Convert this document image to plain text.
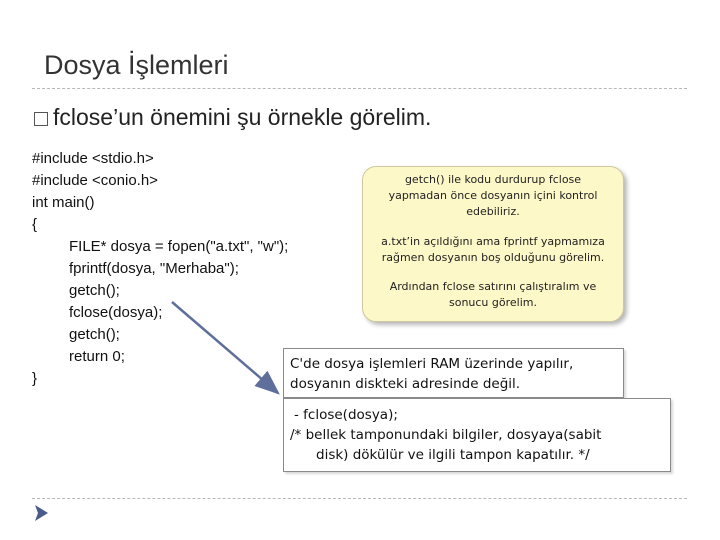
Dosya İşlemleri
fclose’un önemini şu örnekle görelim.
#include <stdio.h>
#include <conio.h>
int main()
{
FILE* dosya = fopen("a.txt", "w");
fprintf(dosya, "Merhaba");
getch();
fclose(dosya);
getch();
return 0;
}
getch() ile kodu durdurup fclose
yapmadan önce dosyanın içini kontrol
edebiliriz.
a.txt’in açıldığını ama fprintf yapmamıza
rağmen dosyanın boş olduğunu görelim.
Ardından fclose satırını çalıştıralım ve
sonucu görelim.
C'de dosya işlemleri RAM üzerinde yapılır,
dosyanın diskteki adresinde değil.
- fclose(dosya);
/* bellek tamponundaki bilgiler, dosyaya(sabit
disk) dökülür ve ilgili tampon kapatılır. */
